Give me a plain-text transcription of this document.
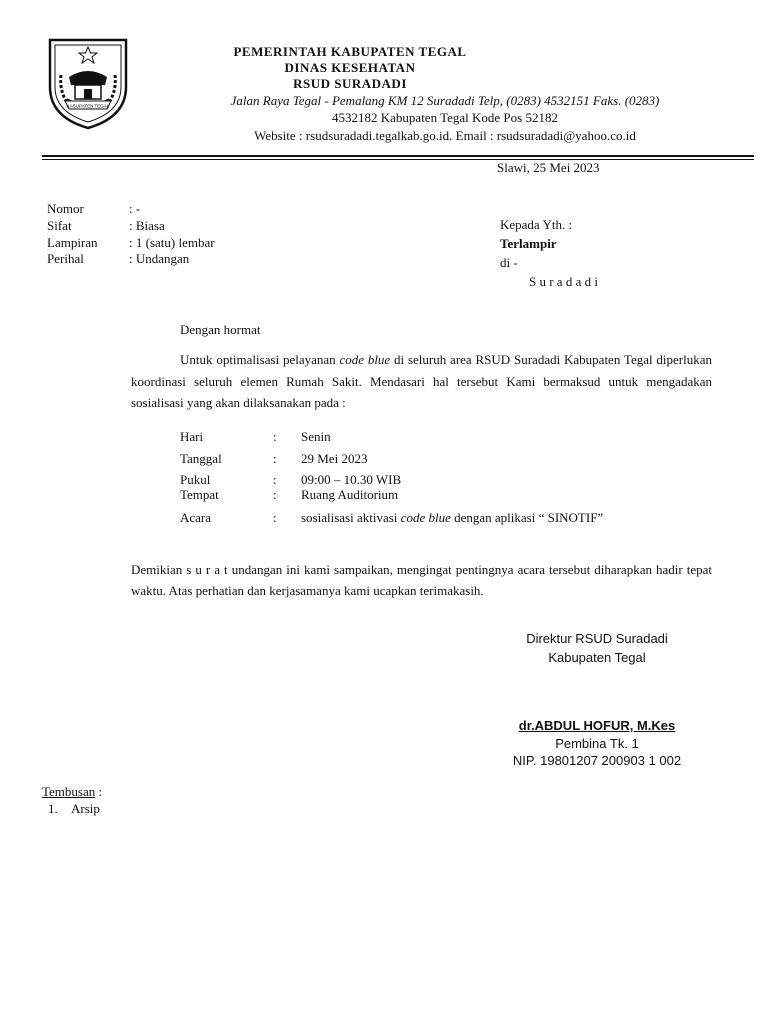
KABUPATEN TEGAL
PEMERINTAH KABUPATEN TEGAL
DINAS KESEHATAN
RSUD SURADADI
Jalan Raya Tegal - Pemalang KM 12 Suradadi Telp, (0283) 4532151 Faks. (0283)
4532182 Kabupaten Tegal Kode Pos 52182
Website : rsudsuradadi.tegalkab.go.id. Email : rsudsuradadi@yahoo.co.id
Slawi, 25 Mei 2023
Nomor	: -
Sifat	: Biasa
Lampiran : 1 (satu) lembar
Perihal	: Undangan
Kepada Yth. :
Terlampir
di -
S u r a d a d i
Dengan hormat
Untuk optimalisasi pelayanan code blue di seluruh area RSUD Suradadi Kabupaten Tegal diperlukan koordinasi seluruh elemen Rumah Sakit. Mendasari hal tersebut Kami bermaksud untuk mengadakan sosialisasi yang akan dilaksanakan pada :
Hari	: Senin
Tanggal	: 29 Mei 2023
Pukul	: 09:00 – 10.30 WIB
Tempat	: Ruang Auditorium
Acara	: sosialisasi aktivasi code blue dengan aplikasi “ SINOTIF”
Demikian s u r a t undangan ini kami sampaikan, mengingat pentingnya acara tersebut diharapkan hadir tepat waktu. Atas perhatian dan kerjasamanya kami ucapkan terimakasih.
Direktur RSUD Suradadi
Kabupaten Tegal
dr.ABDUL HOFUR, M.Kes
Pembina Tk. 1
NIP. 19801207 200903 1 002
Tembusan :
1. Arsip
